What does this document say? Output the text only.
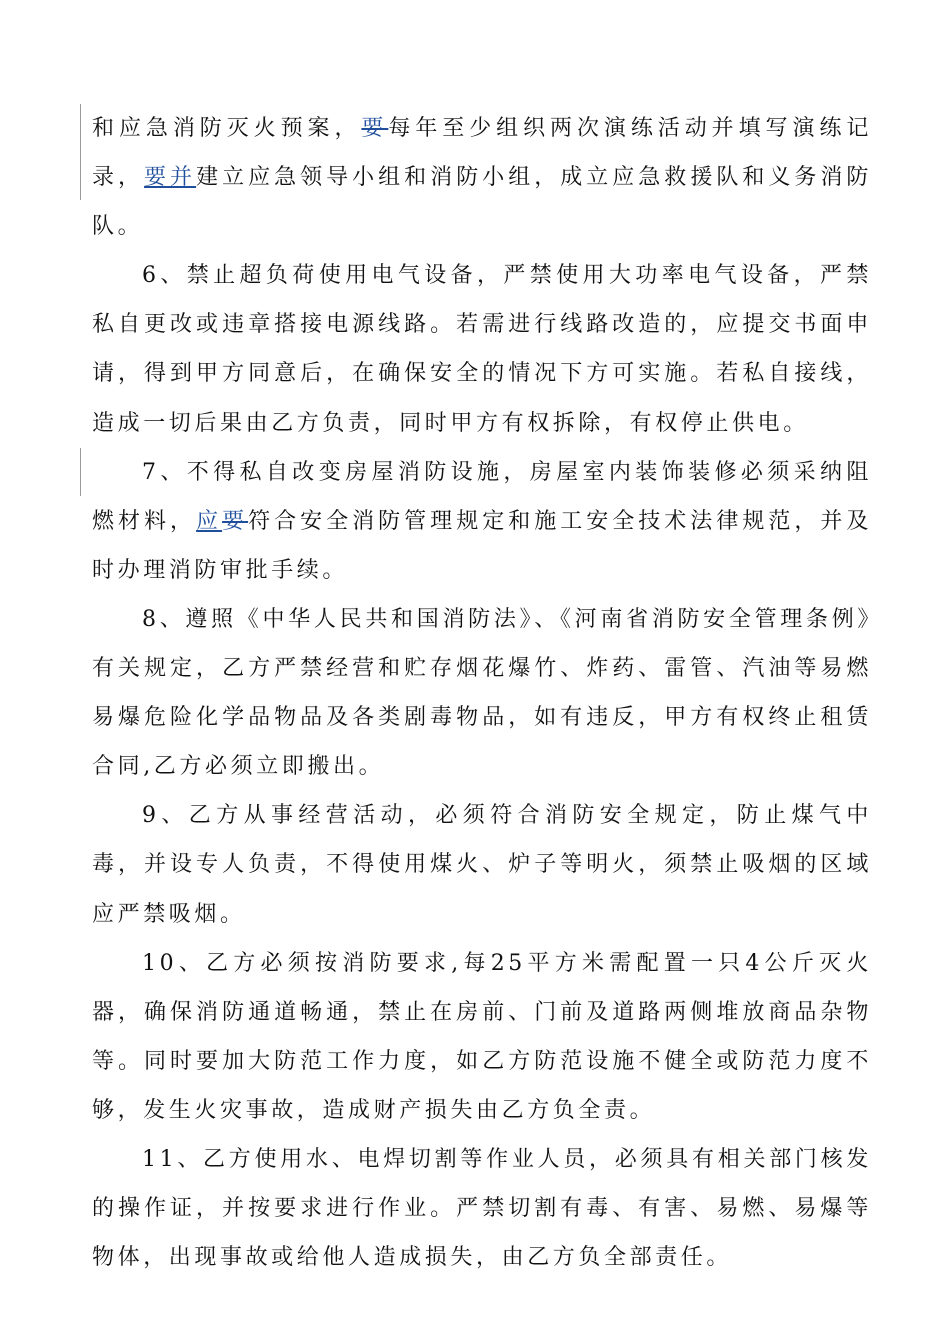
和应急消防灭火预案，要每年至少组织两次演练活动并填写演练记录，要并建立应急领导小组和消防小组，成立应急救援队和义务消防队。

6、禁止超负荷使用电气设备，严禁使用大功率电气设备，严禁私自更改或违章搭接电源线路。若需进行线路改造的，应提交书面申请，得到甲方同意后，在确保安全的情况下方可实施。若私自接线，造成一切后果由乙方负责，同时甲方有权拆除，有权停止供电。

7、不得私自改变房屋消防设施，房屋室内装饰装修必须采纳阻燃材料，应要符合安全消防管理规定和施工安全技术法律规范，并及时办理消防审批手续。

8、遵照《中华人民共和国消防法》、《河南省消防安全管理条例》有关规定，乙方严禁经营和贮存烟花爆竹、炸药、雷管、汽油等易燃易爆危险化学品物品及各类剧毒物品，如有违反，甲方有权终止租赁合同,乙方必须立即搬出。

9、乙方从事经营活动，必须符合消防安全规定，防止煤气中毒，并设专人负责，不得使用煤火、炉子等明火，须禁止吸烟的区域应严禁吸烟。

10、乙方必须按消防要求,每25平方米需配置一只4公斤灭火器，确保消防通道畅通，禁止在房前、门前及道路两侧堆放商品杂物等。同时要加大防范工作力度，如乙方防范设施不健全或防范力度不够，发生火灾事故，造成财产损失由乙方负全责。

11、乙方使用水、电焊切割等作业人员，必须具有相关部门核发的操作证，并按要求进行作业。严禁切割有毒、有害、易燃、易爆等物体，出现事故或给他人造成损失，由乙方负全部责任。
